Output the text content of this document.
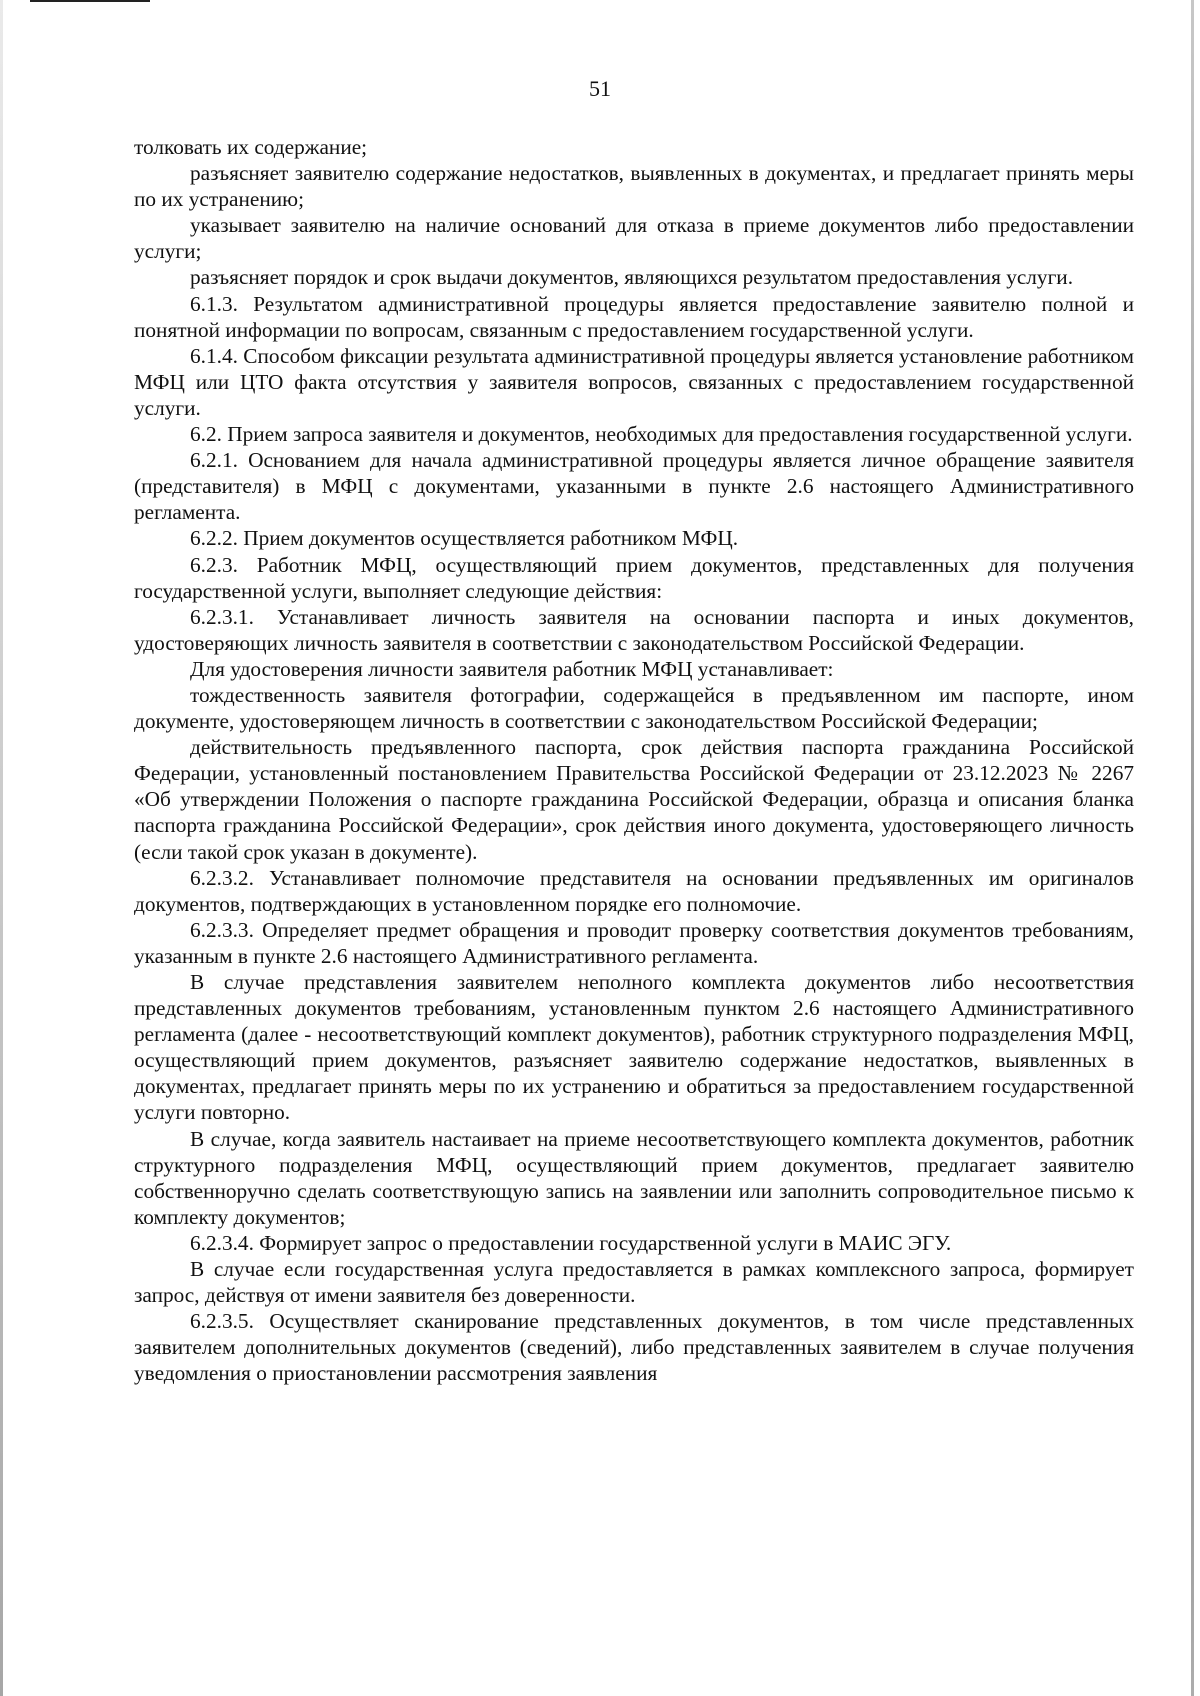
51

толковать их содержание;

разъясняет заявителю содержание недостатков, выявленных в документах, и предлагает принять меры по их устранению;

указывает заявителю на наличие оснований для отказа в приеме документов либо предоставлении услуги;

разъясняет порядок и срок выдачи документов, являющихся результатом предоставления услуги.

6.1.3. Результатом административной процедуры является предоставление заявителю полной и понятной информации по вопросам, связанным с предоставлением государственной услуги.

6.1.4. Способом фиксации результата административной процедуры является установление работником МФЦ или ЦТО факта отсутствия у заявителя вопросов, связанных с предоставлением государственной услуги.

6.2. Прием запроса заявителя и документов, необходимых для предоставления государственной услуги.

6.2.1. Основанием для начала административной процедуры является личное обращение заявителя (представителя) в МФЦ с документами, указанными в пункте 2.6 настоящего Административного регламента.

6.2.2. Прием документов осуществляется работником МФЦ.

6.2.3. Работник МФЦ, осуществляющий прием документов, представленных для получения государственной услуги, выполняет следующие действия:

6.2.3.1. Устанавливает личность заявителя на основании паспорта и иных документов, удостоверяющих личность заявителя в соответствии с законодательством Российской Федерации.

Для удостоверения личности заявителя работник МФЦ устанавливает:

тождественность заявителя фотографии, содержащейся в предъявленном им паспорте, ином документе, удостоверяющем личность в соответствии с законодательством Российской Федерации;

действительность предъявленного паспорта, срок действия паспорта гражданина Российской Федерации, установленный постановлением Правительства Российской Федерации от 23.12.2023 № 2267 «Об утверждении Положения о паспорте гражданина Российской Федерации, образца и описания бланка паспорта гражданина Российской Федерации», срок действия иного документа, удостоверяющего личность (если такой срок указан в документе).

6.2.3.2. Устанавливает полномочие представителя на основании предъявленных им оригиналов документов, подтверждающих в установленном порядке его полномочие.

6.2.3.3. Определяет предмет обращения и проводит проверку соответствия документов требованиям, указанным в пункте 2.6 настоящего Административного регламента.

В случае представления заявителем неполного комплекта документов либо несоответствия представленных документов требованиям, установленным пунктом 2.6 настоящего Административного регламента (далее - несоответствующий комплект документов), работник структурного подразделения МФЦ, осуществляющий прием документов, разъясняет заявителю содержание недостатков, выявленных в документах, предлагает принять меры по их устранению и обратиться за предоставлением государственной услуги повторно.

В случае, когда заявитель настаивает на приеме несоответствующего комплекта документов, работник структурного подразделения МФЦ, осуществляющий прием документов, предлагает заявителю собственноручно сделать соответствующую запись на заявлении или заполнить сопроводительное письмо к комплекту документов;

6.2.3.4. Формирует запрос о предоставлении государственной услуги в МАИС ЭГУ.

В случае если государственная услуга предоставляется в рамках комплексного запроса, формирует запрос, действуя от имени заявителя без доверенности.

6.2.3.5. Осуществляет сканирование представленных документов, в том числе представленных заявителем дополнительных документов (сведений), либо представленных заявителем в случае получения уведомления о приостановлении рассмотрения заявления
